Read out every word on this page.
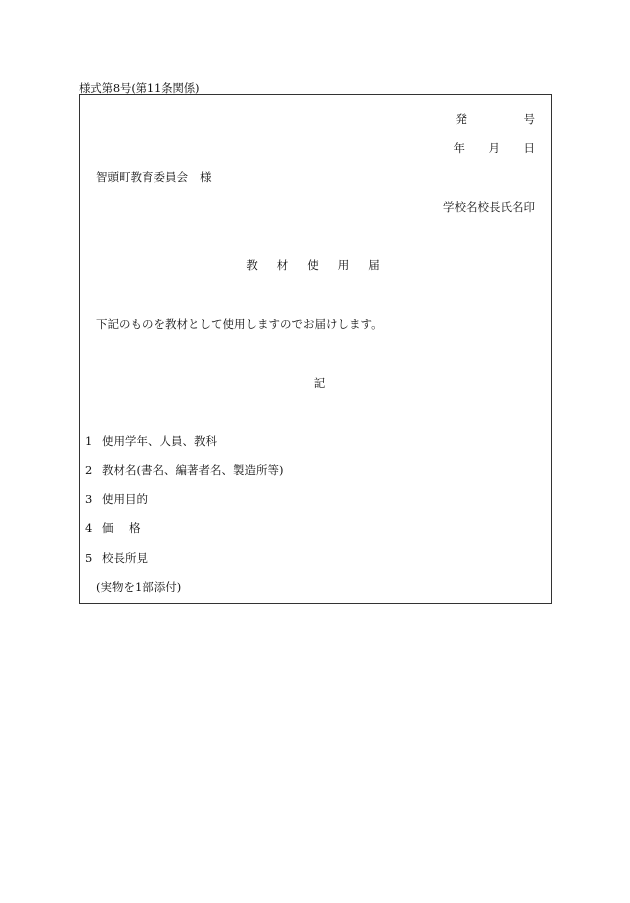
様式第8号(第11条関係)
発	号
年 月 日
智頭町教育委員会 様
学校名校長氏名印
教材使用届
下記のものを教材として使用しますのでお届けします。
記
1 使用学年、人員、教科
2 教材名(書名、編著者名、製造所等)
3 使用目的
4 価 格
5 校長所見
(実物を1部添付)
